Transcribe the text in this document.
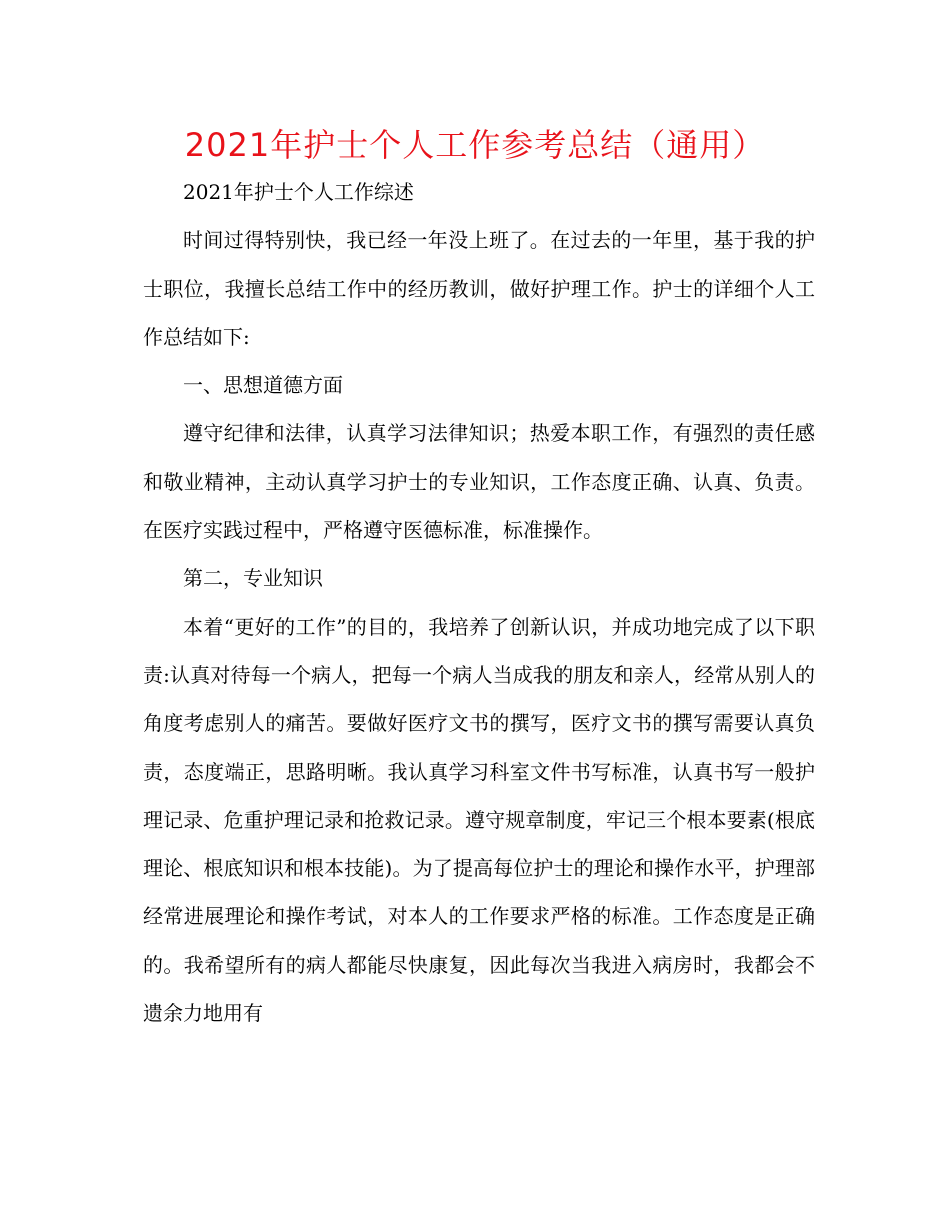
2021年护士个人工作参考总结（通用）

2021年护士个人工作综述

时间过得特别快，我已经一年没上班了。在过去的一年里，基于我的护士职位，我擅长总结工作中的经历教训，做好护理工作。护士的详细个人工作总结如下:

一、思想道德方面

遵守纪律和法律，认真学习法律知识；热爱本职工作，有强烈的责任感和敬业精神，主动认真学习护士的专业知识，工作态度正确、认真、负责。在医疗实践过程中，严格遵守医德标准，标准操作。

第二，专业知识

本着“更好的工作”的目的，我培养了创新认识，并成功地完成了以下职责:认真对待每一个病人，把每一个病人当成我的朋友和亲人，经常从别人的角度考虑别人的痛苦。要做好医疗文书的撰写，医疗文书的撰写需要认真负责，态度端正，思路明晰。我认真学习科室文件书写标准，认真书写一般护理记录、危重护理记录和抢救记录。遵守规章制度，牢记三个根本要素(根底理论、根底知识和根本技能)。为了提高每位护士的理论和操作水平，护理部经常进展理论和操作考试，对本人的工作要求严格的标准。工作态度是正确的。我希望所有的病人都能尽快康复，因此每次当我进入病房时，我都会不遗余力地用有
